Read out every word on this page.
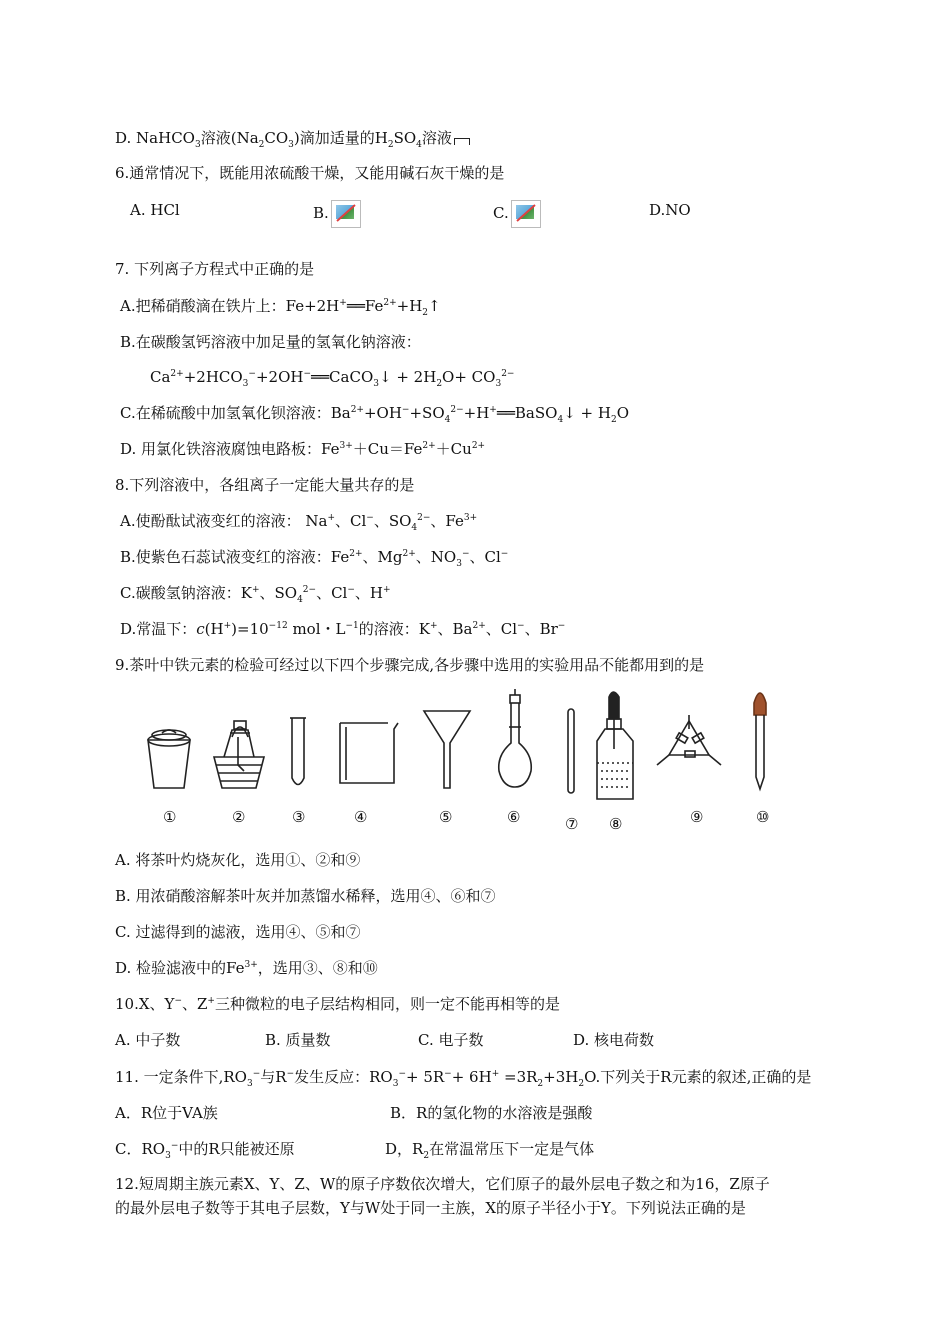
D. NaHCO$_3$溶液$(Na_2CO_3)$滴加适量的$H_2SO_4$溶液
6.通常情况下，既能用浓硫酸干燥，又能用碱石灰干燥的是
A. HCl	B.	C.	D.NO
7. 下列离子方程式中正确的是
A.把稀硝酸滴在铁片上：$Fe+2H^+══Fe^{2+}+H_2↑$
B.在碳酸氢钙溶液中加足量的氢氧化钠溶液：
$Ca^{2+}+2HCO_3^-+2OH^-══CaCO_3↓ + 2H_2O+ CO_3^{2-}$
C.在稀硫酸中加氢氧化钡溶液：$Ba^{2+}+OH^-+SO_4^{2-}+H^+══BaSO_4↓ + H_2O$
D. 用氯化铁溶液腐蚀电路板：$Fe^{3+}+Cu=Fe^{2+}+Cu^{2+}$
8.下列溶液中，各组离子一定能大量共存的是
A.使酚酞试液变红的溶液： Na+、Cl−、$SO_4^{2-}$、$Fe^{3+}$
B.使紫色石蕊试液变红的溶液：$Fe^{2+}$、$Mg^{2+}$、$NO_3^-$、Cl−
C.碳酸氢钠溶液：K+、$SO_4^{2-}$、Cl−、H+
D.常温下：$c(H^+)=10^{-12}$ mol・$L^{-1}$的溶液：K+、$Ba^{2+}$、Cl−、Br−
9.茶叶中铁元素的检验可经过以下四个步骤完成,各步骤中选用的实验用品不能都用到的是
①	②	③	④	⑤	⑥	⑦ ⑧	⑨	⑩
A. 将茶叶灼烧灰化，选用①、②和⑨
B. 用浓硝酸溶解茶叶灰并加蒸馏水稀释，选用④、⑥和⑦
C. 过滤得到的滤液，选用④、⑤和⑦
D. 检验滤液中的$Fe^{3+}$，选用③、⑧和⑩
10.X、Y−、Z+三种微粒的电子层结构相同，则一定不能再相等的是
A. 中子数	B. 质量数	C. 电子数	D. 核电荷数
11. 一定条件下$,RO_3^-$与R−发生反应：$RO_3^-+ 5R^-+ 6H^+ =3R_2+3H_2O$.下列关于R元素的叙述,正确的是
A．R位于VA族	B．R的氢化物的水溶液是强酸
C．$RO_3^-$中的R只能被还原	D，$R_2$在常温常压下一定是气体
12.短周期主族元素X、Y、Z、W的原子序数依次增大，它们原子的最外层电子数之和为16，Z原子
的最外层电子数等于其电子层数，Y与W处于同一主族，X的原子半径小于Y。下列说法正确的是
